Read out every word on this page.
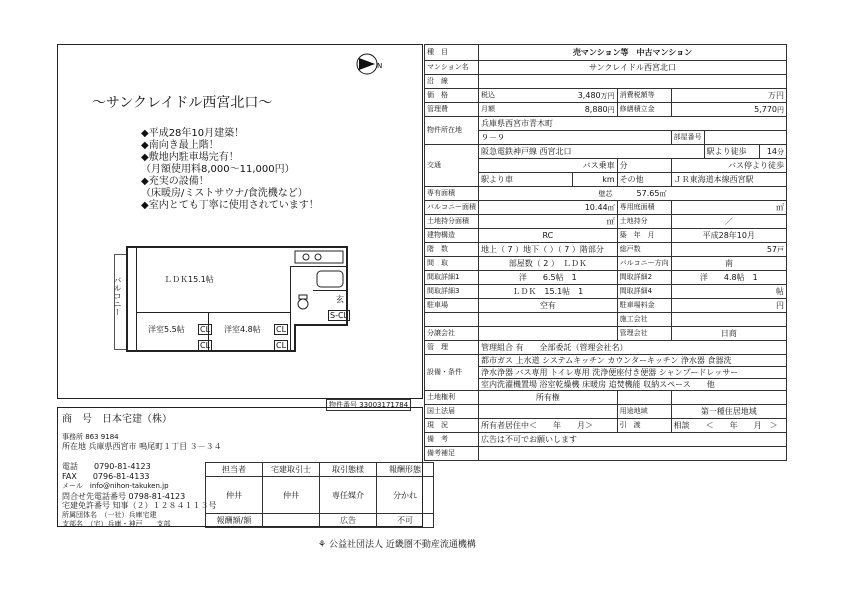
N
～サンクレイドル西宮北口～
◆平成28年10月建築！
◆南向き最上階！
◆敷地内駐車場完有！
（月額使用料8,000～11,000円）
◆充実の設備！
（床暖房/ミストサウナ/食洗機など）
◆室内とても丁寧に使用されています！
バルコニー	ＬＤＫ15.1帖
洋室5.5帖	洋室4.8帖
CL
CL
CL
CL
玄
S-CL
物件番号 33003171784
商　号　 日本宅建（株）
事務所 863 9184
所在地 兵庫県西宮市 鳴尾町１丁目 ３－３４
電話　　 0790-81-4123
FAX　　 0796-81-4133
メール　 info@nihon-takuken.jp
問合せ先電話番号 0798-81-4123
宅建免許番号 知事（２）１２８４１１３号
所属団体名　 （一社）兵庫宅建
支部名　 （宅）兵庫・神戸　　支部
担当者	宅建取引士	取引態様	報酬形態
仲井	仲井	専任媒介	分かれ
報酬額/額		広告	不可
種　目	売マンション等　中古マンション					
マンション名	サンクレイドル西宮北口					
沿　線						
価　格	税込 3,480万円		消費税額等	万円		
管理費	月額 8,880円		修繕積立金	5,770円		
物件所在地	兵庫県西宮市青木町					
	９－９			部屋番号		
交通	阪急電鉄神戸線 西宮北口				駅より徒歩	14分
	バス乗車		分	バス停より徒歩		
	駅より車	km	その他	ＪＲ東海道本線西宮駅		
専有面積	壁芯　　　 57.65㎡					
バルコニー面積	10.44㎡		専用庭面積	㎡		
土地持分面積	㎡		土地持分	／		
建物構造	RC		築　年　月	平成28年10月		
階　数	地上（ 7 ）地下（ ）（ 7 ）階部分		総戸数	57戸		
間　取	部屋数（ 2 ）　ＬＤＫ		バルコニー方向	南		
間取詳細1	洋　　6.5帖　1		間取詳細2	洋　　4.8帖　1		
間取詳細3	ＬＤＫ　15.1帖　1		間取詳細4	帖		
駐車場	空有		駐車場料金	円		
			施工会社			
分譲会社			管理会社	日商		
管　理	管理組合 有　　全部委託（管理会社名）					
設備・条件	都市ガス 上水道 システムキッチン カウンターキッチン 浄水器 食器洗					
	浄水浄器 バス専用 トイレ専用 洗浄便座付き便器 シャンプードレッサー					
	室内洗濯機置場 浴室乾燥機 床暖房 追焚機能 収納スペース　　他					
土地権利	所有権					
国土法届			用途地域	第一種住居地域		
現　況	所有者居住中＜　　年　　月＞		引　渡	相談　　＜　　年　　月　＞		
備　考	広告は不可でお願いします					
備考補足						
⚘ 公益社団法人 近畿圏不動産流通機構
